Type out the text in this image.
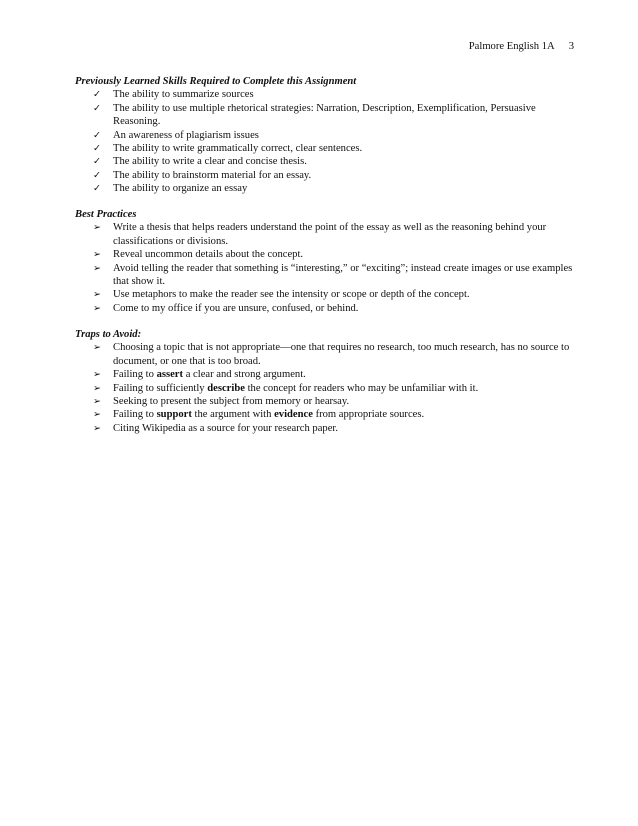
Palmore English 1A 3

Previously Learned Skills Required to Complete this Assignment

✓	The ability to summarize sources
✓	The ability to use multiple rhetorical strategies: Narration, Description, Exemplification, Persuasive Reasoning.
✓	An awareness of plagiarism issues
✓	The ability to write grammatically correct, clear sentences.
✓	The ability to write a clear and concise thesis.
✓	The ability to brainstorm material for an essay.
✓	The ability to organize an essay

Best Practices

➢	Write a thesis that helps readers understand the point of the essay as well as the reasoning behind your classifications or divisions.
➢	Reveal uncommon details about the concept.
➢	Avoid telling the reader that something is “interesting,” or “exciting”; instead create images or use examples that show it.
➢	Use metaphors to make the reader see the intensity or scope or depth of the concept.
➢	Come to my office if you are unsure, confused, or behind.

Traps to Avoid:

➢	Choosing a topic that is not appropriate—one that requires no research, too much research, has no source to document, or one that is too broad.
➢	Failing to assert a clear and strong argument.
➢	Failing to sufficiently describe the concept for readers who may be unfamiliar with it.
➢	Seeking to present the subject from memory or hearsay.
➢	Failing to support the argument with evidence from appropriate sources.
➢	Citing Wikipedia as a source for your research paper.
